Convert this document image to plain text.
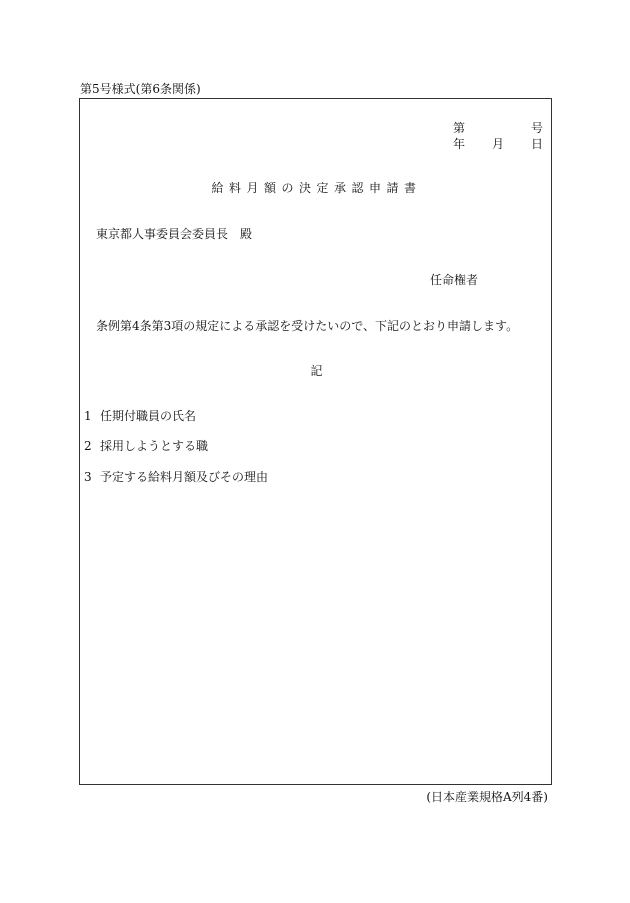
第5号様式(第6条関係)
第	号
年 月 日
給料月額の決定承認申請書
東京都人事委員会委員長　殿
任命権者
条例第4条第3項の規定による承認を受けたいので、下記のとおり申請します。
記
1 任期付職員の氏名
2 採用しようとする職
3 予定する給料月額及びその理由
(日本産業規格A列4番)
